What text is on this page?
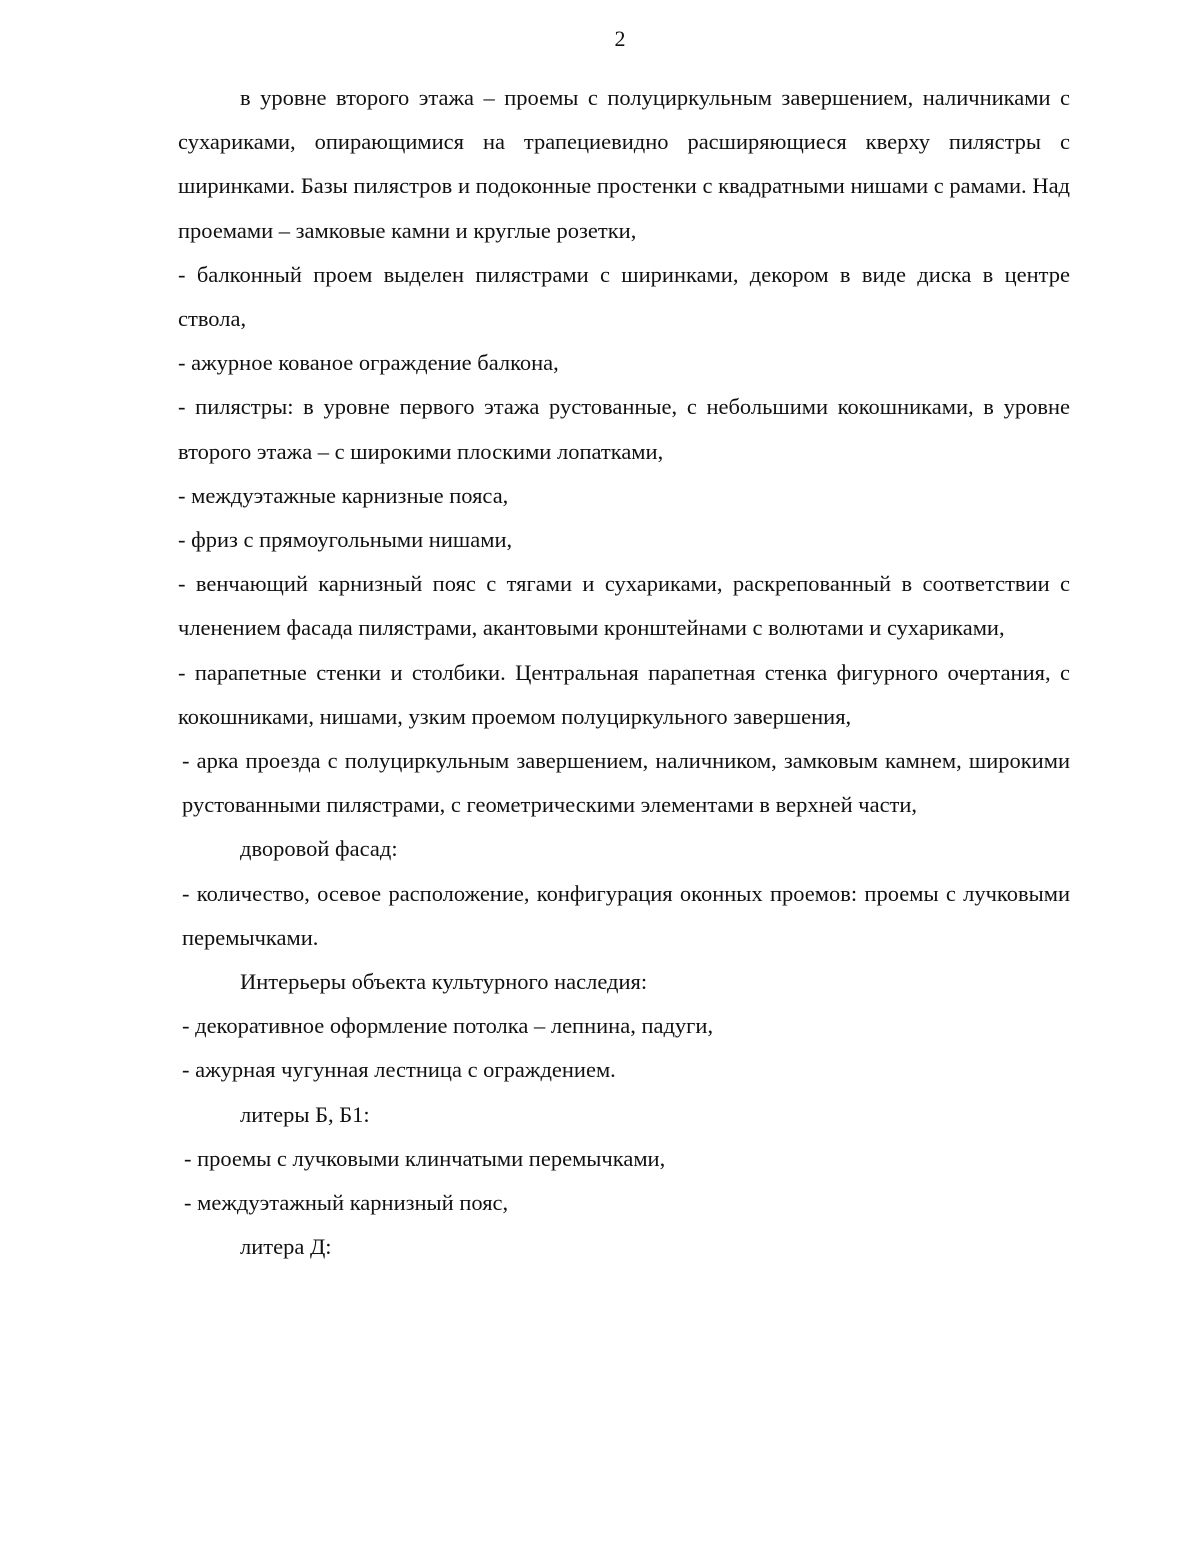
2

в уровне второго этажа – проемы с полуциркульным завершением, наличниками с сухариками, опирающимися на трапециевидно расширяющиеся кверху пилястры с ширинками. Базы пилястров и подоконные простенки с квадратными нишами с рамами. Над проемами – замковые камни и круглые розетки,

- балконный проем выделен пилястрами с ширинками, декором в виде диска в центре ствола,

- ажурное кованое ограждение балкона,

- пилястры: в уровне первого этажа рустованные, с небольшими кокошниками, в уровне второго этажа – с широкими плоскими лопатками,

- междуэтажные карнизные пояса,

- фриз с прямоугольными нишами,

- венчающий карнизный пояс с тягами и сухариками, раскрепованный в соответствии с членением фасада пилястрами, акантовыми кронштейнами с волютами и сухариками,

- парапетные стенки и столбики. Центральная парапетная стенка фигурного очертания, с кокошниками, нишами, узким проемом полуциркульного завершения,

- арка проезда с полуциркульным завершением, наличником, замковым камнем, широкими рустованными пилястрами, с геометрическими элементами в верхней части,

дворовой фасад:

- количество, осевое расположение, конфигурация оконных проемов: проемы с лучковыми перемычками.

Интерьеры объекта культурного наследия:

- декоративное оформление потолка – лепнина, падуги,

- ажурная чугунная лестница с ограждением.

литеры Б, Б1:

- проемы с лучковыми клинчатыми перемычками,

- междуэтажный карнизный пояс,

литера Д:
